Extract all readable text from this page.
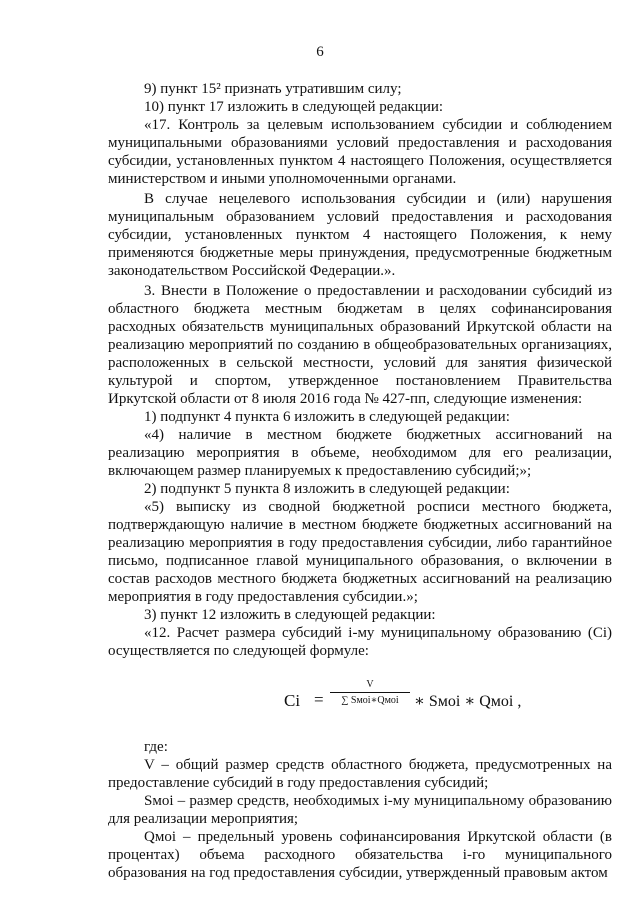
6

9) пункт 15² признать утратившим силу;

10) пункт 17 изложить в следующей редакции:

«17. Контроль за целевым использованием субсидии и соблюдением муниципальными образованиями условий предоставления и расходования субсидии, установленных пунктом 4 настоящего Положения, осуществляется министерством и иными уполномоченными органами.

В случае нецелевого использования субсидии и (или) нарушения муниципальным образованием условий предоставления и расходования субсидии, установленных пунктом 4 настоящего Положения, к нему применяются бюджетные меры принуждения, предусмотренные бюджетным законодательством Российской Федерации.».

3. Внести в Положение о предоставлении и расходовании субсидий из областного бюджета местным бюджетам в целях софинансирования расходных обязательств муниципальных образований Иркутской области на реализацию мероприятий по созданию в общеобразовательных организациях, расположенных в сельской местности, условий для занятия физической культурой и спортом, утвержденное постановлением Правительства Иркутской области от 8 июля 2016 года № 427-пп, следующие изменения:

1) подпункт 4 пункта 6 изложить в следующей редакции:

«4) наличие в местном бюджете бюджетных ассигнований на реализацию мероприятия в объеме, необходимом для его реализации, включающем размер планируемых к предоставлению субсидий;»;

2) подпункт 5 пункта 8 изложить в следующей редакции:

«5) выписку из сводной бюджетной росписи местного бюджета, подтверждающую наличие в местном бюджете бюджетных ассигнований на реализацию мероприятия в году предоставления субсидии, либо гарантийное письмо, подписанное главой муниципального образования, о включении в состав расходов местного бюджета бюджетных ассигнований на реализацию мероприятия в году предоставления субсидии.»;

3) пункт 12 изложить в следующей редакции:

«12. Расчет размера субсидий i-му муниципальному образованию (Ci) осуществляется по следующей формуле:

Ci =
V
∑ Sмоi∗Qмоi ∗ Sмоi ∗ Qмоi ,

где:

V – общий размер средств областного бюджета, предусмотренных на предоставление субсидий в году предоставления субсидий;

Sмоi – размер средств, необходимых i-му муниципальному образованию для реализации мероприятия;

Qмоi – предельный уровень софинансирования Иркутской области (в процентах) объема расходного обязательства i-го муниципального образования на год предоставления субсидии, утвержденный правовым актом
